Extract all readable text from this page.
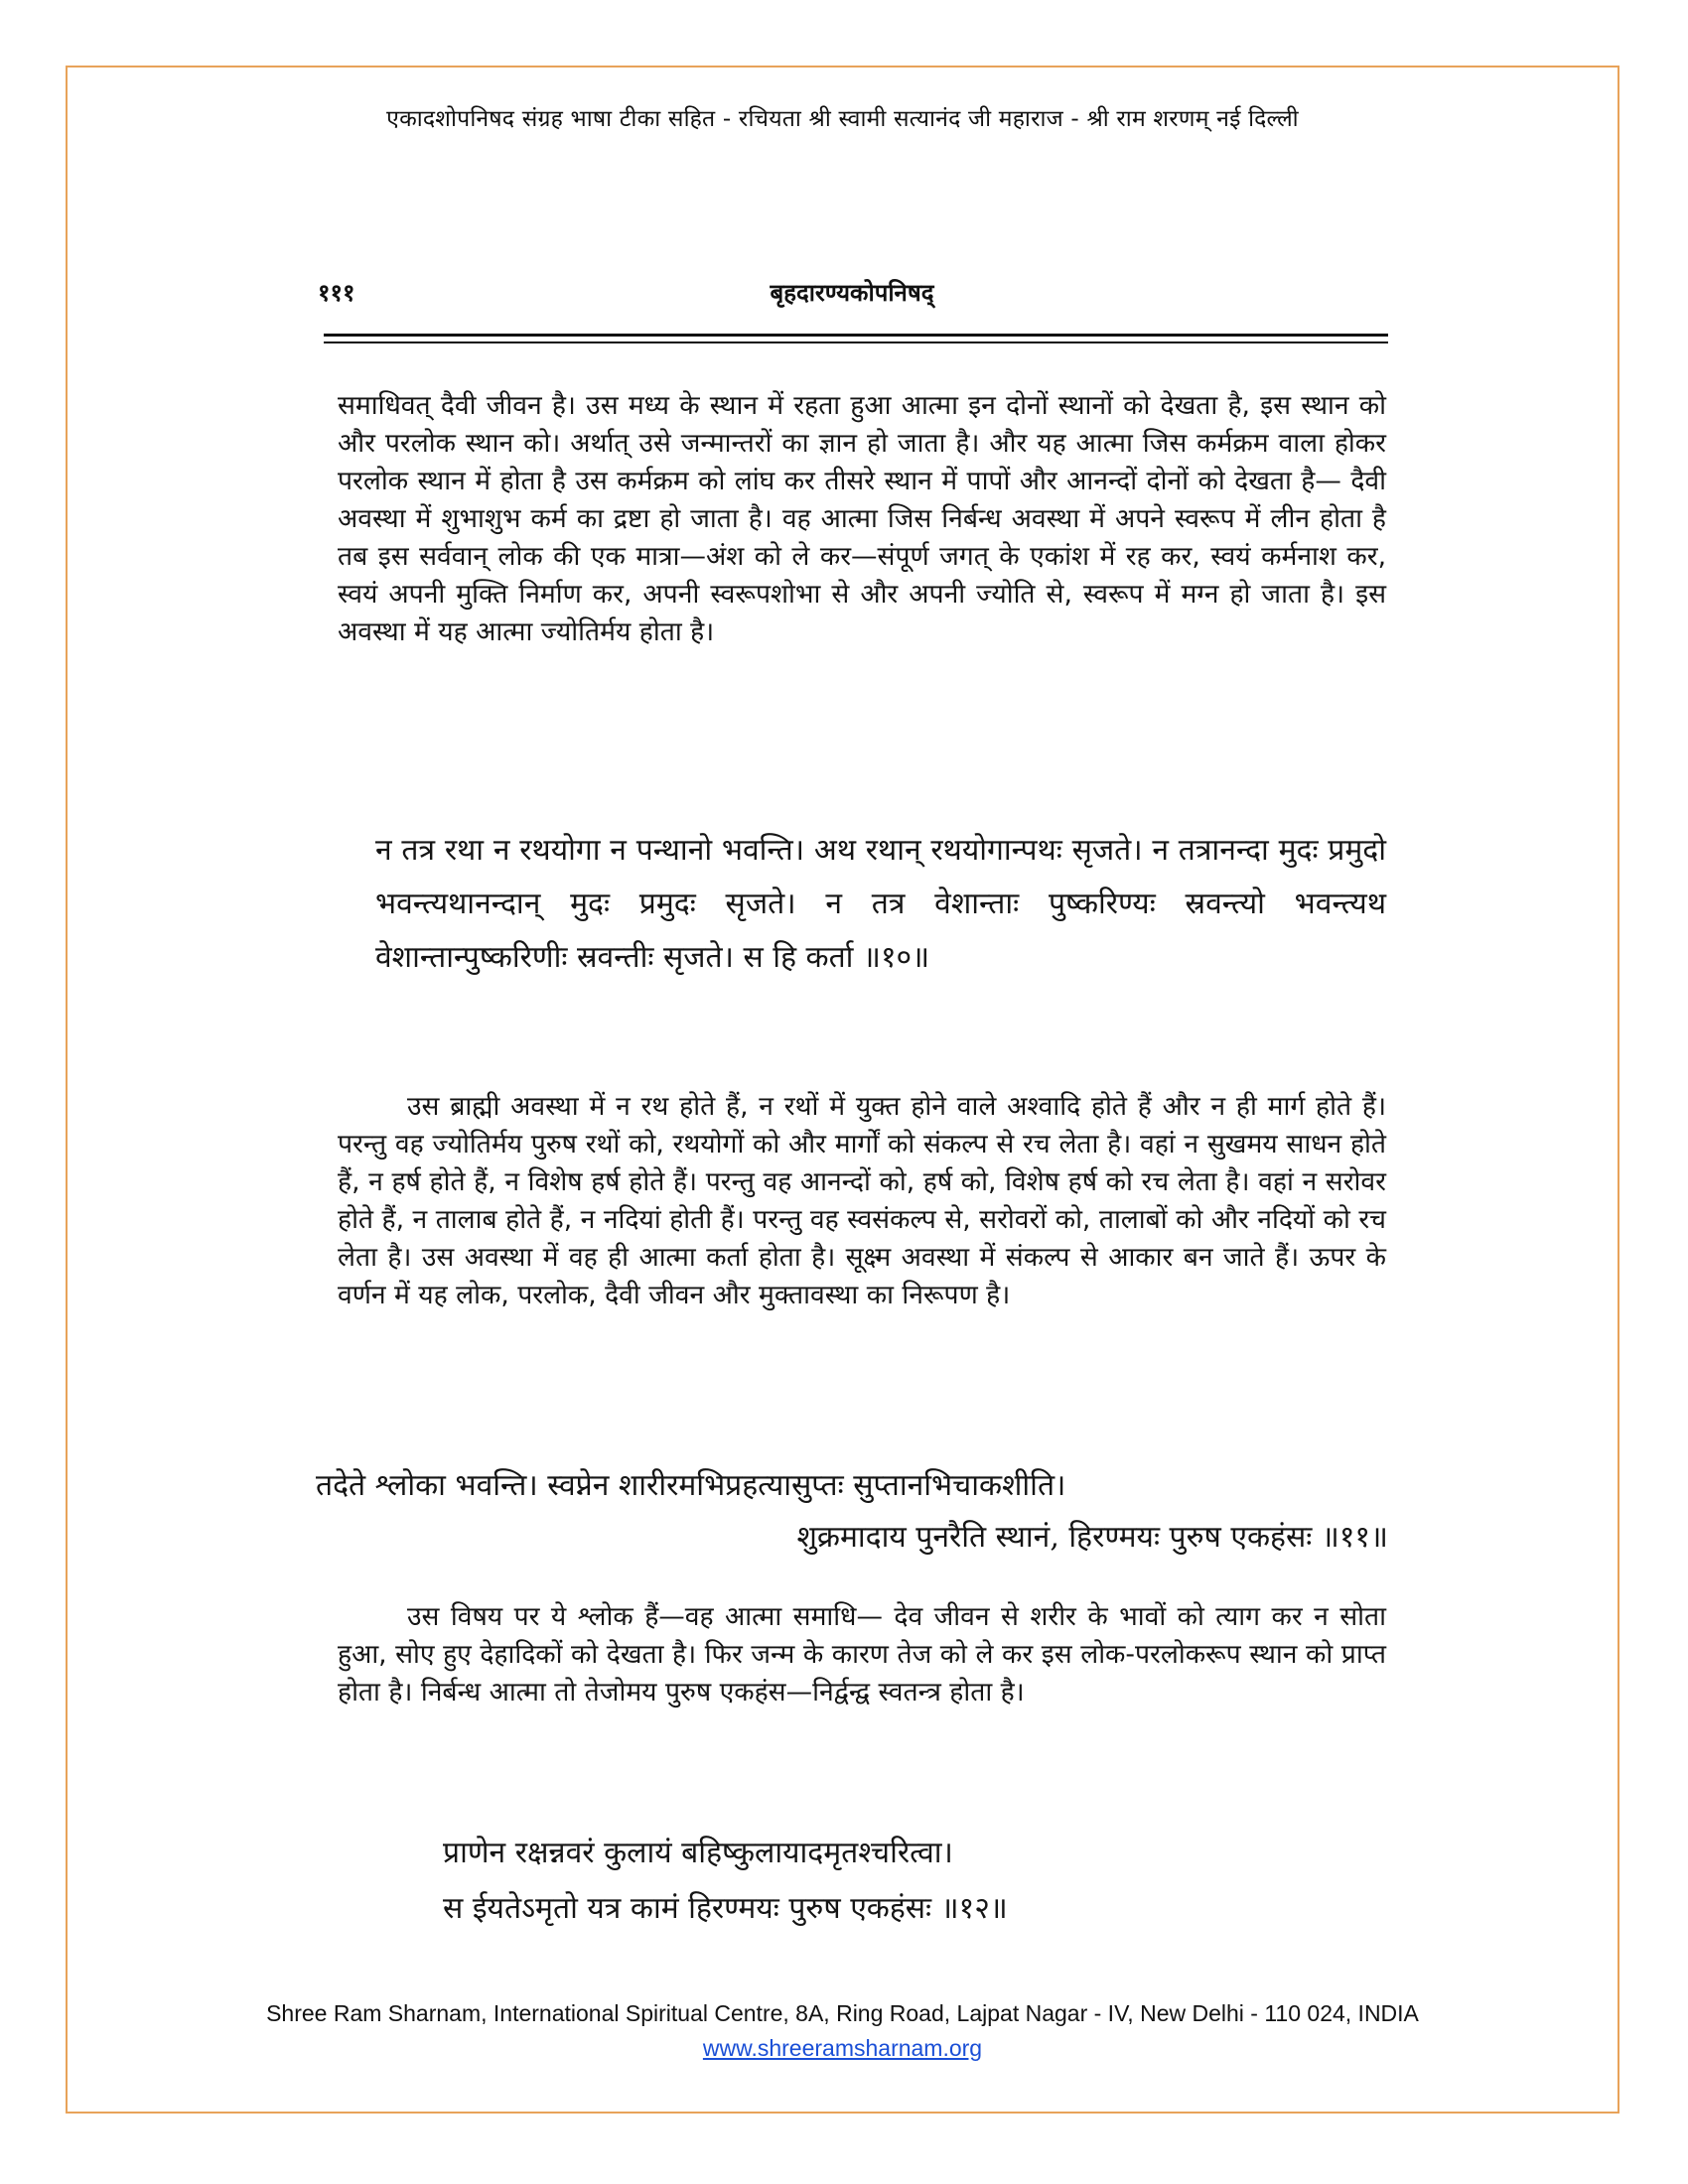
एकादशोपनिषद संग्रह भाषा टीका सहित - रचियता श्री स्वामी सत्यानंद जी महाराज - श्री राम शरणम् नई दिल्ली
१११	बृहदारण्यकोपनिषद्
समाधिवत् दैवी जीवन है। उस मध्य के स्थान में रहता हुआ आत्मा इन दोनों स्थानों को देखता है, इस स्थान को और परलोक स्थान को। अर्थात् उसे जन्मान्तरों का ज्ञान हो जाता है। और यह आत्मा जिस कर्मक्रम वाला होकर परलोक स्थान में होता है उस कर्मक्रम को लांघ कर तीसरे स्थान में पापों और आनन्दों दोनों को देखता है— दैवी अवस्था में शुभाशुभ कर्म का द्रष्टा हो जाता है। वह आत्मा जिस निर्बन्ध अवस्था में अपने स्वरूप में लीन होता है तब इस सर्ववान् लोक की एक मात्रा—अंश को ले कर—संपूर्ण जगत् के एकांश में रह कर, स्वयं कर्मनाश कर, स्वयं अपनी मुक्ति निर्माण कर, अपनी स्वरूपशोभा से और अपनी ज्योति से, स्वरूप में मग्न हो जाता है। इस अवस्था में यह आत्मा ज्योतिर्मय होता है।
न तत्र रथा न रथयोगा न पन्थानो भवन्ति। अथ रथान् रथयोगान्पथः सृजते। न तत्रानन्दा मुदः प्रमुदो भवन्त्यथानन्दान् मुदः प्रमुदः सृजते। न तत्र वेशान्ताः पुष्करिण्यः स्रवन्त्यो भवन्त्यथ वेशान्तान्पुष्करिणीः स्रवन्तीः सृजते। स हि कर्ता ॥१०॥
उस ब्राह्मी अवस्था में न रथ होते हैं, न रथों में युक्त होने वाले अश्वादि होते हैं और न ही मार्ग होते हैं। परन्तु वह ज्योतिर्मय पुरुष रथों को, रथयोगों को और मार्गों को संकल्प से रच लेता है। वहां न सुखमय साधन होते हैं, न हर्ष होते हैं, न विशेष हर्ष होते हैं। परन्तु वह आनन्दों को, हर्ष को, विशेष हर्ष को रच लेता है। वहां न सरोवर होते हैं, न तालाब होते हैं, न नदियां होती हैं। परन्तु वह स्वसंकल्प से, सरोवरों को, तालाबों को और नदियों को रच लेता है। उस अवस्था में वह ही आत्मा कर्ता होता है। सूक्ष्म अवस्था में संकल्प से आकार बन जाते हैं। ऊपर के वर्णन में यह लोक, परलोक, दैवी जीवन और मुक्तावस्था का निरूपण है।
तदेते श्लोका भवन्ति। स्वप्नेन शारीरमभिप्रहत्यासुप्तः सुप्तानभिचाकशीति।
शुक्रमादाय पुनरैति स्थानं, हिरण्मयः पुरुष एकहंसः ॥११॥
उस विषय पर ये श्लोक हैं—वह आत्मा समाधि— देव जीवन से शरीर के भावों को त्याग कर न सोता हुआ, सोए हुए देहादिकों को देखता है। फिर जन्म के कारण तेज को ले कर इस लोक-परलोकरूप स्थान को प्राप्त होता है। निर्बन्ध आत्मा तो तेजोमय पुरुष एकहंस—निर्द्वन्द्व स्वतन्त्र होता है।
प्राणेन रक्षन्नवरं कुलायं बहिष्कुलायादमृतश्चरित्वा।
स ईयतेऽमृतो यत्र कामं हिरण्मयः पुरुष एकहंसः ॥१२॥
Shree Ram Sharnam, International Spiritual Centre, 8A, Ring Road, Lajpat Nagar - IV, New Delhi - 110 024, INDIA
www.shreeramsharnam.org
